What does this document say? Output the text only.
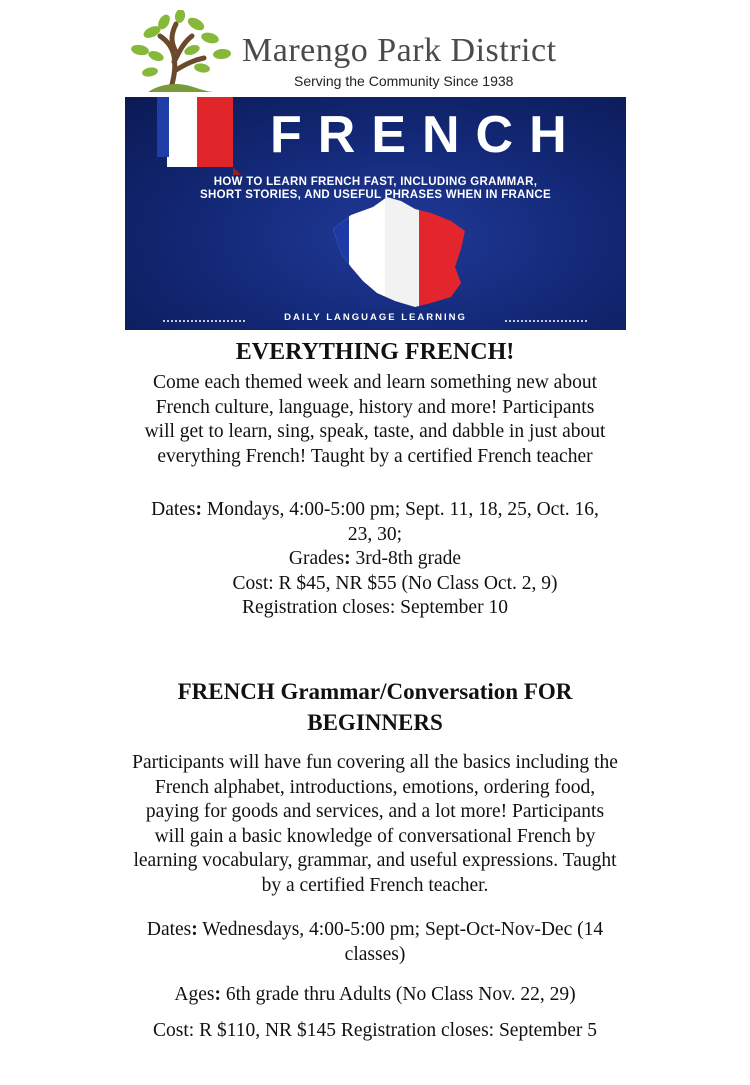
Marengo Park District
Serving the Community Since 1938
FRENCH
HOW TO LEARN FRENCH FAST, INCLUDING GRAMMAR,
SHORT STORIES, AND USEFUL PHRASES WHEN IN FRANCE
DAILY LANGUAGE LEARNING
EVERYTHING FRENCH!
Come each themed week and learn something new about
French culture, language, history and more! Participants
will get to learn, sing, speak, taste, and dabble in just about
everything French! Taught by a certified French teacher
Dates: Mondays, 4:00-5:00 pm; Sept. 11, 18, 25, Oct. 16,
23, 30;
Grades: 3rd-8th grade
Cost: R $45, NR $55 (No Class Oct. 2, 9)
Registration closes: September 10
FRENCH Grammar/Conversation FOR
BEGINNERS
Participants will have fun covering all the basics including the
French alphabet, introductions, emotions, ordering food,
paying for goods and services, and a lot more! Participants
will gain a basic knowledge of conversational French by
learning vocabulary, grammar, and useful expressions. Taught
by a certified French teacher.
Dates: Wednesdays, 4:00-5:00 pm; Sept-Oct-Nov-Dec (14
classes)
Ages: 6th grade thru Adults (No Class Nov. 22, 29)
Cost: R $110, NR $145 Registration closes: September 5
